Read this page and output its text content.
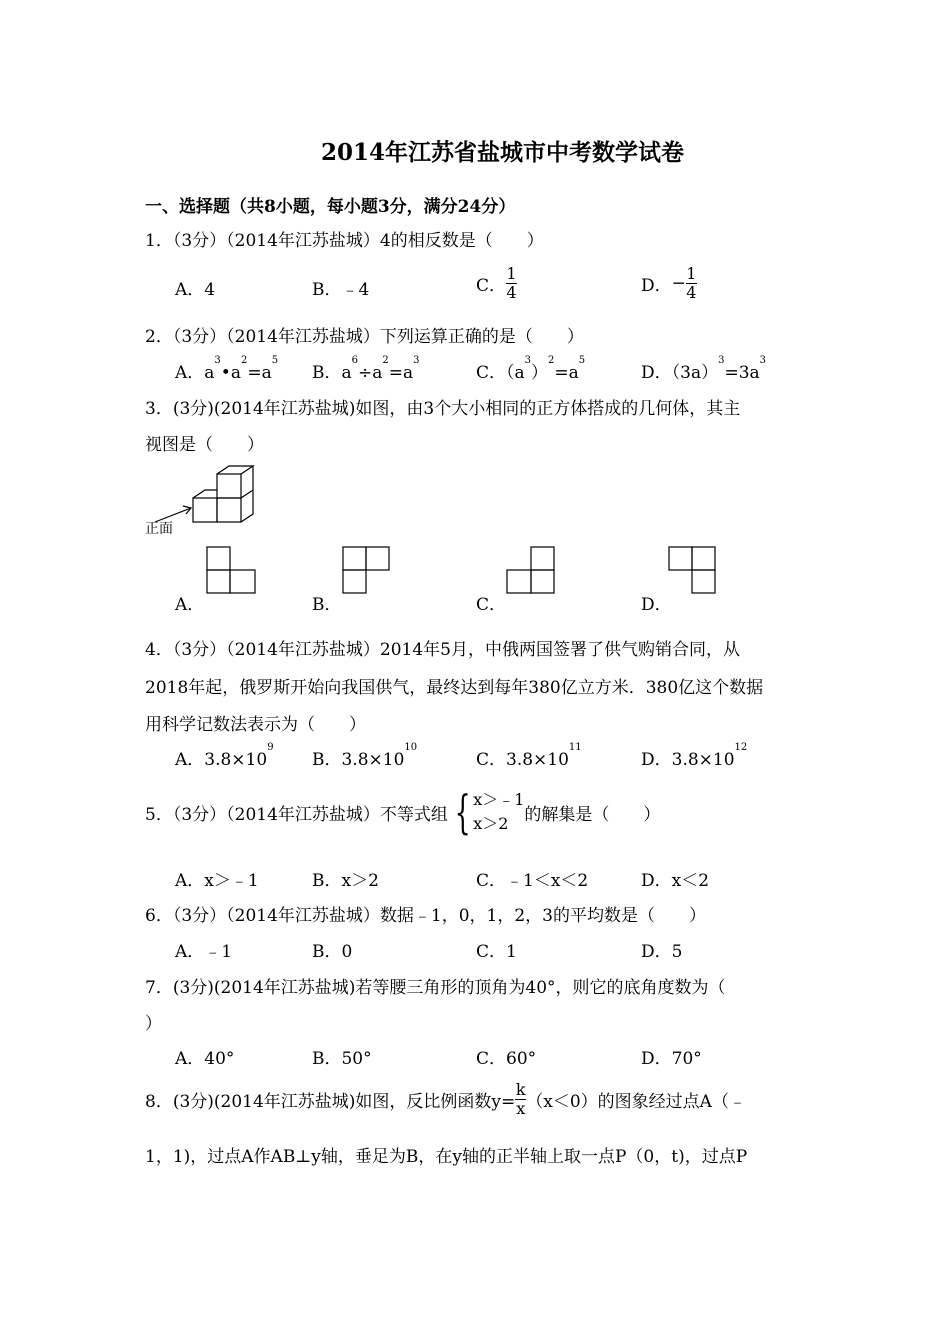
2014年江苏省盐城市中考数学试卷
一、选择题（共8小题，每小题3分，满分24分）
1．（3分）（2014年江苏盐城）4的相反数是（　　）
A．4	B．﹣4	C． $\frac{1}{4}$	D．− $\frac{1}{4}$
2．（3分）（2014年江苏盐城）下列运算正确的是（　　）
A．$a^3•a^2=a^5$
B．$a^6\div a^2=a^3$
C．$(a^3)^2=a^5$
D．$(3a)^3=3a^3$
3．(3分)(2014年江苏盐城)如图，由3个大小相同的正方体搭成的几何体，其主
视图是（　　）
正面
A．	B．	C．	D．
4．（3分）（2014年江苏盐城）2014年5月，中俄两国签署了供气购销合同，从
2018年起，俄罗斯开始向我国供气，最终达到每年380亿立方米．380亿这个数据
用科学记数法表示为（　　）
A．$3.8\times 10^9$
B．$3.8\times 10^{10}$
C．$3.8\times 10^{11}$
D．$3.8\times 10^{12}$
5．（3分）（2014年江苏盐城）不等式组 { x＞﹣1
x＞2 的解集是（　　）
A．x＞﹣1	B．x＞2	C．﹣1＜x＜2	D．x＜2
6．（3分）（2014年江苏盐城）数据﹣1，0，1，2，3的平均数是（　　）
A．﹣1	B．0	C．1	D．5
7．(3分)(2014年江苏盐城)若等腰三角形的顶角为40°，则它的底角度数为（
）
A．40°	B．50°	C．60°	D．70°
8．(3分)(2014年江苏盐城)如图，反比例函数$y= \frac{k}{x} (x<0)$的图象经过点A（﹣
1，1)，过点A作AB⊥y轴，垂足为B，在y轴的正半轴上取一点P（0，t)，过点P
